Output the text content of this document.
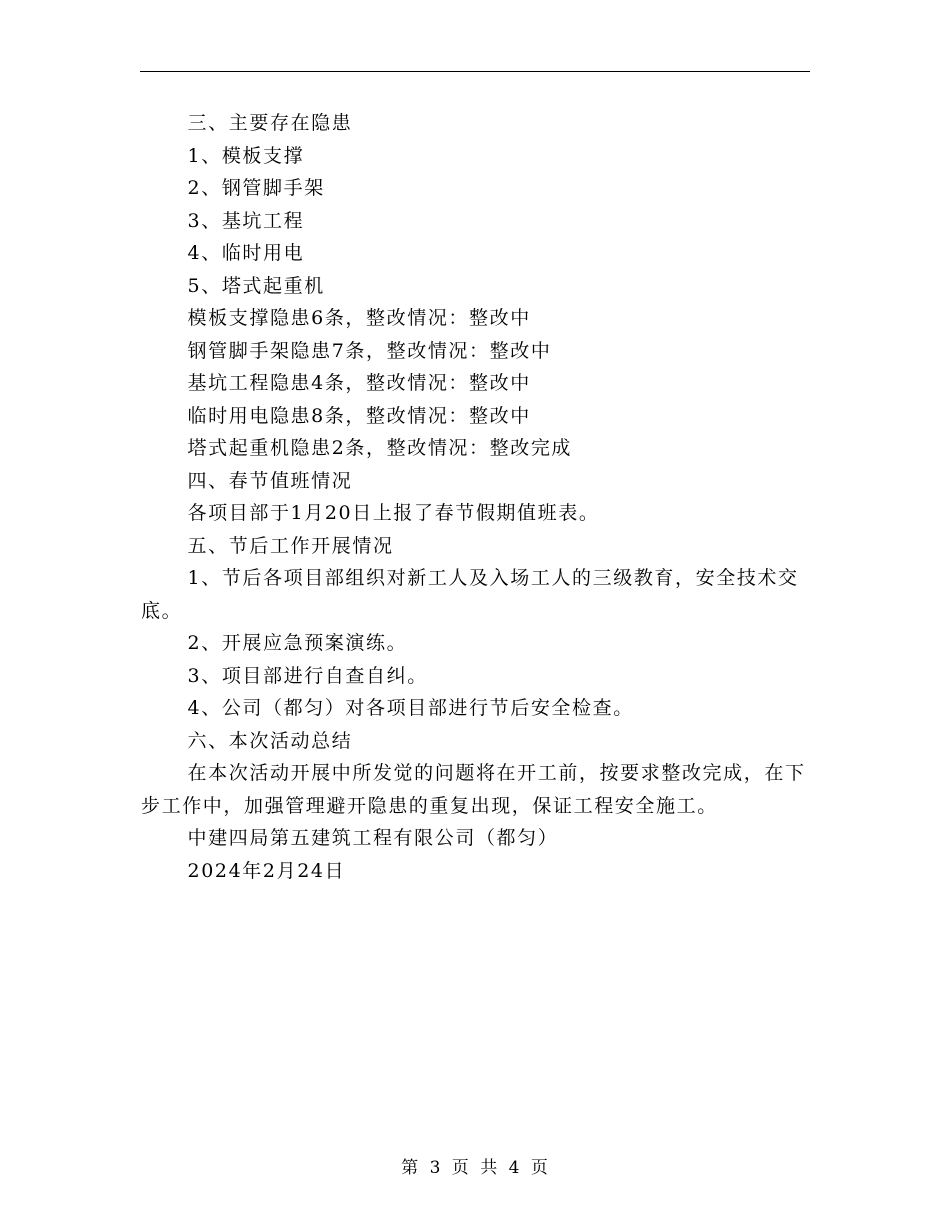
三、主要存在隐患

1、模板支撑

2、钢管脚手架

3、基坑工程

4、临时用电

5、塔式起重机

模板支撑隐患6条，整改情况：整改中

钢管脚手架隐患7条，整改情况：整改中

基坑工程隐患4条，整改情况：整改中

临时用电隐患8条，整改情况：整改中

塔式起重机隐患2条，整改情况：整改完成

四、春节值班情况

各项目部于1月20日上报了春节假期值班表。

五、节后工作开展情况

1、节后各项目部组织对新工人及入场工人的三级教育，安全技术交底。

2、开展应急预案演练。

3、项目部进行自查自纠。

4、公司（都匀）对各项目部进行节后安全检查。

六、本次活动总结

在本次活动开展中所发觉的问题将在开工前，按要求整改完成，在下步工作中，加强管理避开隐患的重复出现，保证工程安全施工。

中建四局第五建筑工程有限公司（都匀）

2024年2月24日

第 3 页 共 4 页
